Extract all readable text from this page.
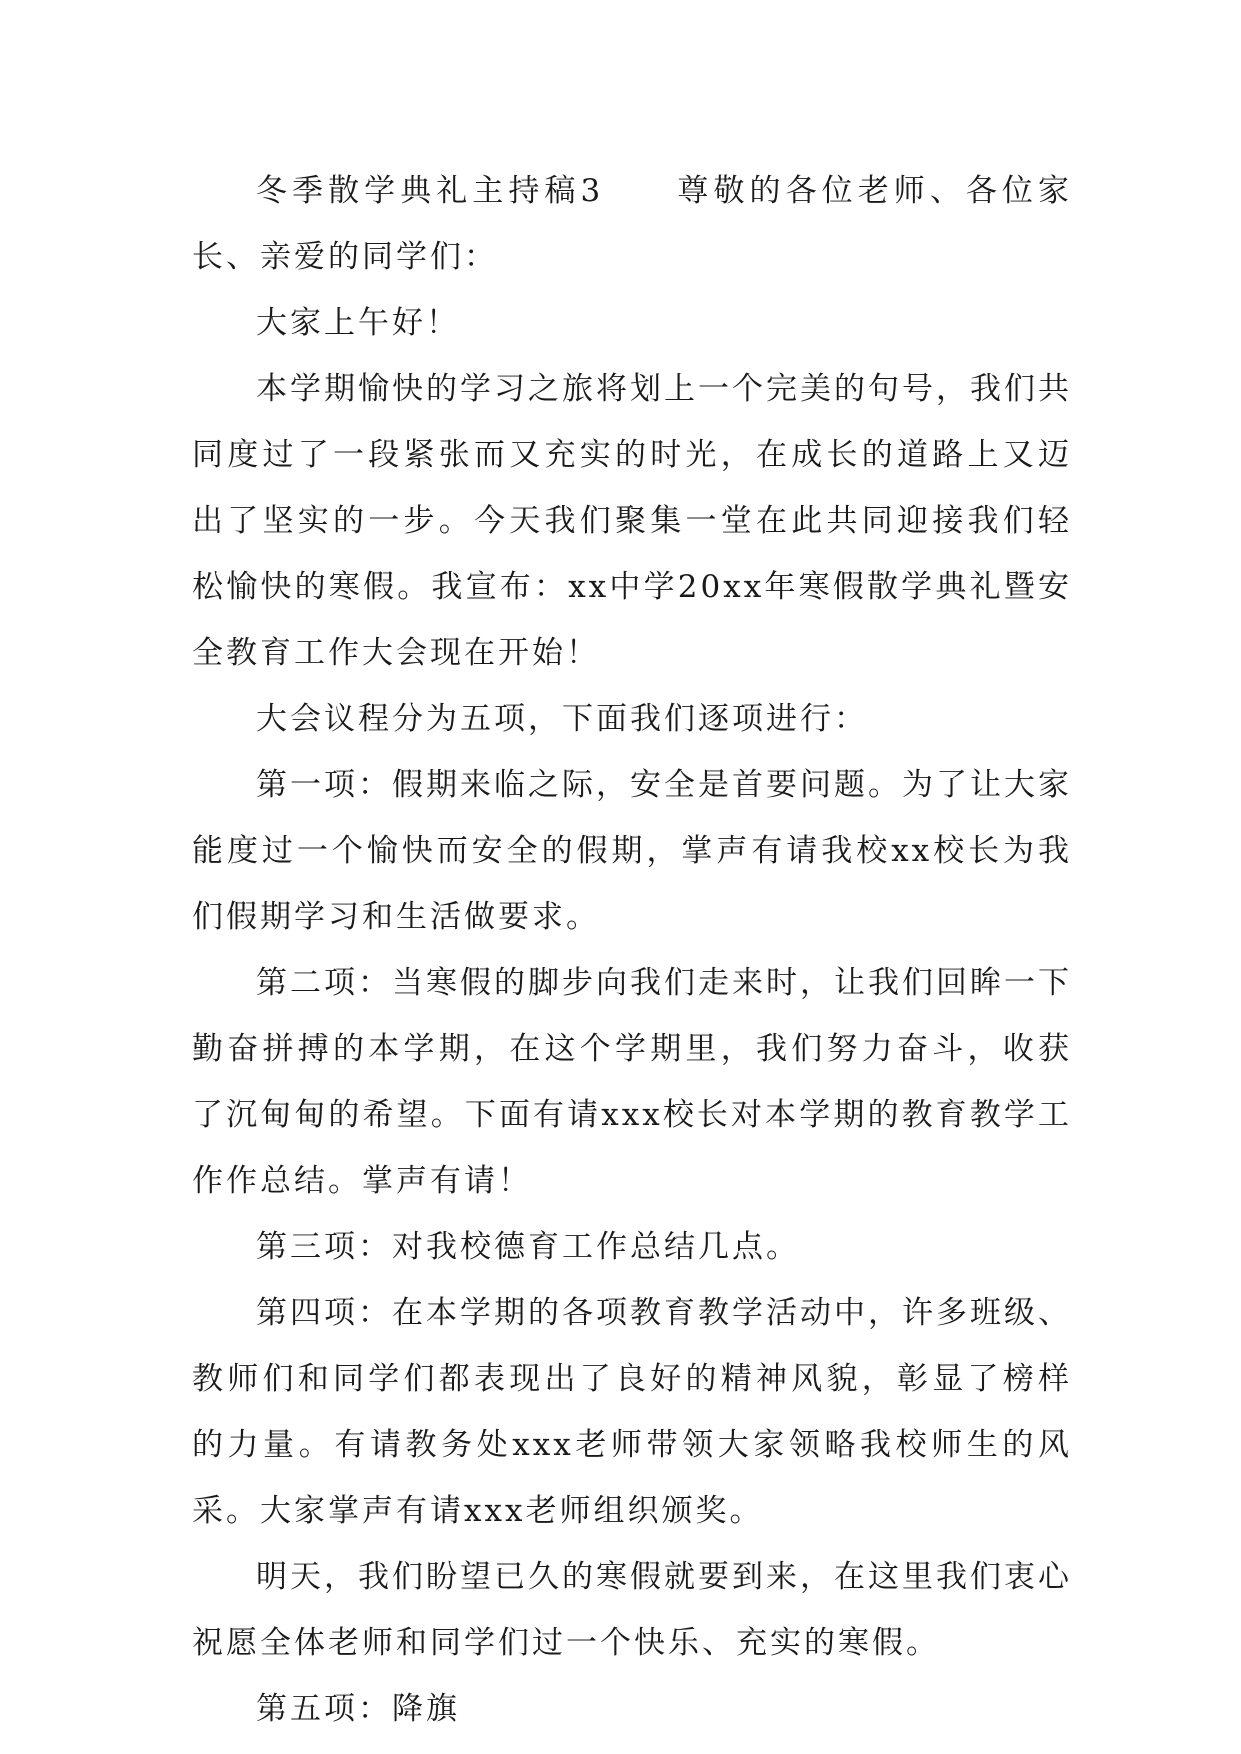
冬季散学典礼主持稿3　　尊敬的各位老师、各位家长、亲爱的同学们：

大家上午好！

本学期愉快的学习之旅将划上一个完美的句号，我们共同度过了一段紧张而又充实的时光，在成长的道路上又迈出了坚实的一步。今天我们聚集一堂在此共同迎接我们轻松愉快的寒假。我宣布：xx中学20xx年寒假散学典礼暨安全教育工作大会现在开始！

大会议程分为五项，下面我们逐项进行：

第一项：假期来临之际，安全是首要问题。为了让大家能度过一个愉快而安全的假期，掌声有请我校xx校长为我们假期学习和生活做要求。

第二项：当寒假的脚步向我们走来时，让我们回眸一下勤奋拼搏的本学期，在这个学期里，我们努力奋斗，收获了沉甸甸的希望。下面有请xxx校长对本学期的教育教学工作作总结。掌声有请！

第三项：对我校德育工作总结几点。

第四项：在本学期的各项教育教学活动中，许多班级、教师们和同学们都表现出了良好的精神风貌，彰显了榜样的力量。有请教务处xxx老师带领大家领略我校师生的风采。大家掌声有请xxx老师组织颁奖。

明天，我们盼望已久的寒假就要到来，在这里我们衷心祝愿全体老师和同学们过一个快乐、充实的寒假。

第五项：降旗
